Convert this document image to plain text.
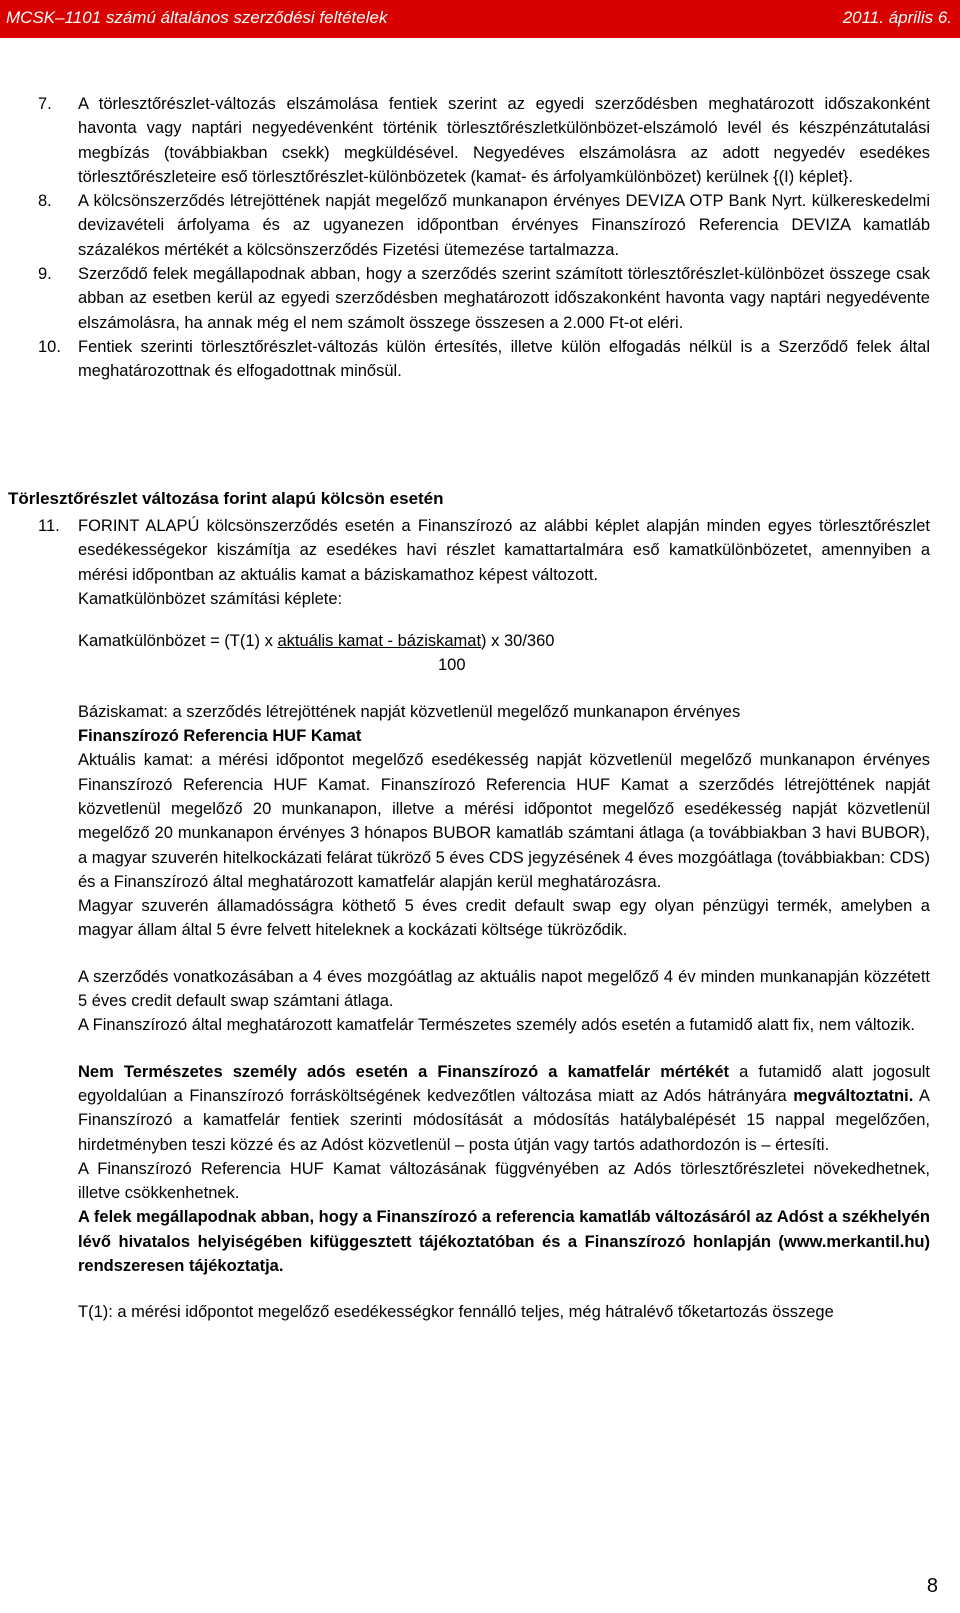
MCSK–1101 számú általános szerződési feltételek	2011. április 6.
7. A törlesztőrészlet-változás elszámolása fentiek szerint az egyedi szerződésben meghatározott időszakonként havonta vagy naptári negyedévenként történik törlesztőrészletkülönbözet-elszámoló levél és készpénzátutalási megbízás (továbbiakban csekk) megküldésével. Negyedéves elszámolásra az adott negyedév esedékes törlesztőrészleteire eső törlesztőrészlet-különbözetek (kamat- és árfolyamkülönbözet) kerülnek {(I) képlet}.

8. A kölcsönszerződés létrejöttének napját megelőző munkanapon érvényes DEVIZA OTP Bank Nyrt. külkereskedelmi devizavételi árfolyama és az ugyanezen időpontban érvényes Finanszírozó Referencia DEVIZA kamatláb százalékos mértékét a kölcsönszerződés Fizetési ütemezése tartalmazza.

9. Szerződő felek megállapodnak abban, hogy a szerződés szerint számított törlesztőrészlet-különbözet összege csak abban az esetben kerül az egyedi szerződésben meghatározott időszakonként havonta vagy naptári negyedévente elszámolásra, ha annak még el nem számolt összege összesen a 2.000 Ft-ot eléri.

10. Fentiek szerinti törlesztőrészlet-változás külön értesítés, illetve külön elfogadás nélkül is a Szerződő felek által meghatározottnak és elfogadottnak minősül.

Törlesztőrészlet változása forint alapú kölcsön esetén
11. FORINT ALAPÚ kölcsönszerződés esetén a Finanszírozó az alábbi képlet alapján minden egyes törlesztőrészlet esedékességekor kiszámítja az esedékes havi részlet kamattartalmára eső kamatkülönbözetet, amennyiben a mérési időpontban az aktuális kamat a báziskamathoz képest változott.

Kamatkülönbözet számítási képlete:

Kamatkülönbözet = (T(1) x aktuális kamat - báziskamat) x 30/360

100

Báziskamat: a szerződés létrejöttének napját közvetlenül megelőző munkanapon érvényes

Finanszírozó Referencia HUF Kamat

Aktuális kamat: a mérési időpontot megelőző esedékesség napját közvetlenül megelőző munkanapon érvényes Finanszírozó Referencia HUF Kamat. Finanszírozó Referencia HUF Kamat a szerződés létrejöttének napját közvetlenül megelőző 20 munkanapon, illetve a mérési időpontot megelőző esedékesség napját közvetlenül megelőző 20 munkanapon érvényes 3 hónapos BUBOR kamatláb számtani átlaga (a továbbiakban 3 havi BUBOR), a magyar szuverén hitelkockázati felárat tükröző 5 éves CDS jegyzésének 4 éves mozgóátlaga (továbbiakban: CDS) és a Finanszírozó által meghatározott kamatfelár alapján kerül meghatározásra.

Magyar szuverén államadósságra köthető 5 éves credit default swap egy olyan pénzügyi termék, amelyben a magyar állam által 5 évre felvett hiteleknek a kockázati költsége tükröződik.

A szerződés vonatkozásában a 4 éves mozgóátlag az aktuális napot megelőző 4 év minden munkanapján közzétett 5 éves credit default swap számtani átlaga.

A Finanszírozó által meghatározott kamatfelár Természetes személy adós esetén a futamidő alatt fix, nem változik.

Nem Természetes személy adós esetén a Finanszírozó a kamatfelár mértékét a futamidő alatt jogosult egyoldalúan a Finanszírozó forrásköltségének kedvezőtlen változása miatt az Adós hátrányára megváltoztatni. A Finanszírozó a kamatfelár fentiek szerinti módosítását a módosítás hatálybalépését 15 nappal megelőzően, hirdetményben teszi közzé és az Adóst közvetlenül – posta útján vagy tartós adathordozón is – értesíti.

A Finanszírozó Referencia HUF Kamat változásának függvényében az Adós törlesztőrészletei növekedhetnek, illetve csökkenhetnek.

A felek megállapodnak abban, hogy a Finanszírozó a referencia kamatláb változásáról az Adóst a székhelyén lévő hivatalos helyiségében kifüggesztett tájékoztatóban és a Finanszírozó honlapján (www.merkantil.hu) rendszeresen tájékoztatja.

T(1): a mérési időpontot megelőző esedékességkor fennálló teljes, még hátralévő tőketartozás összege

8
